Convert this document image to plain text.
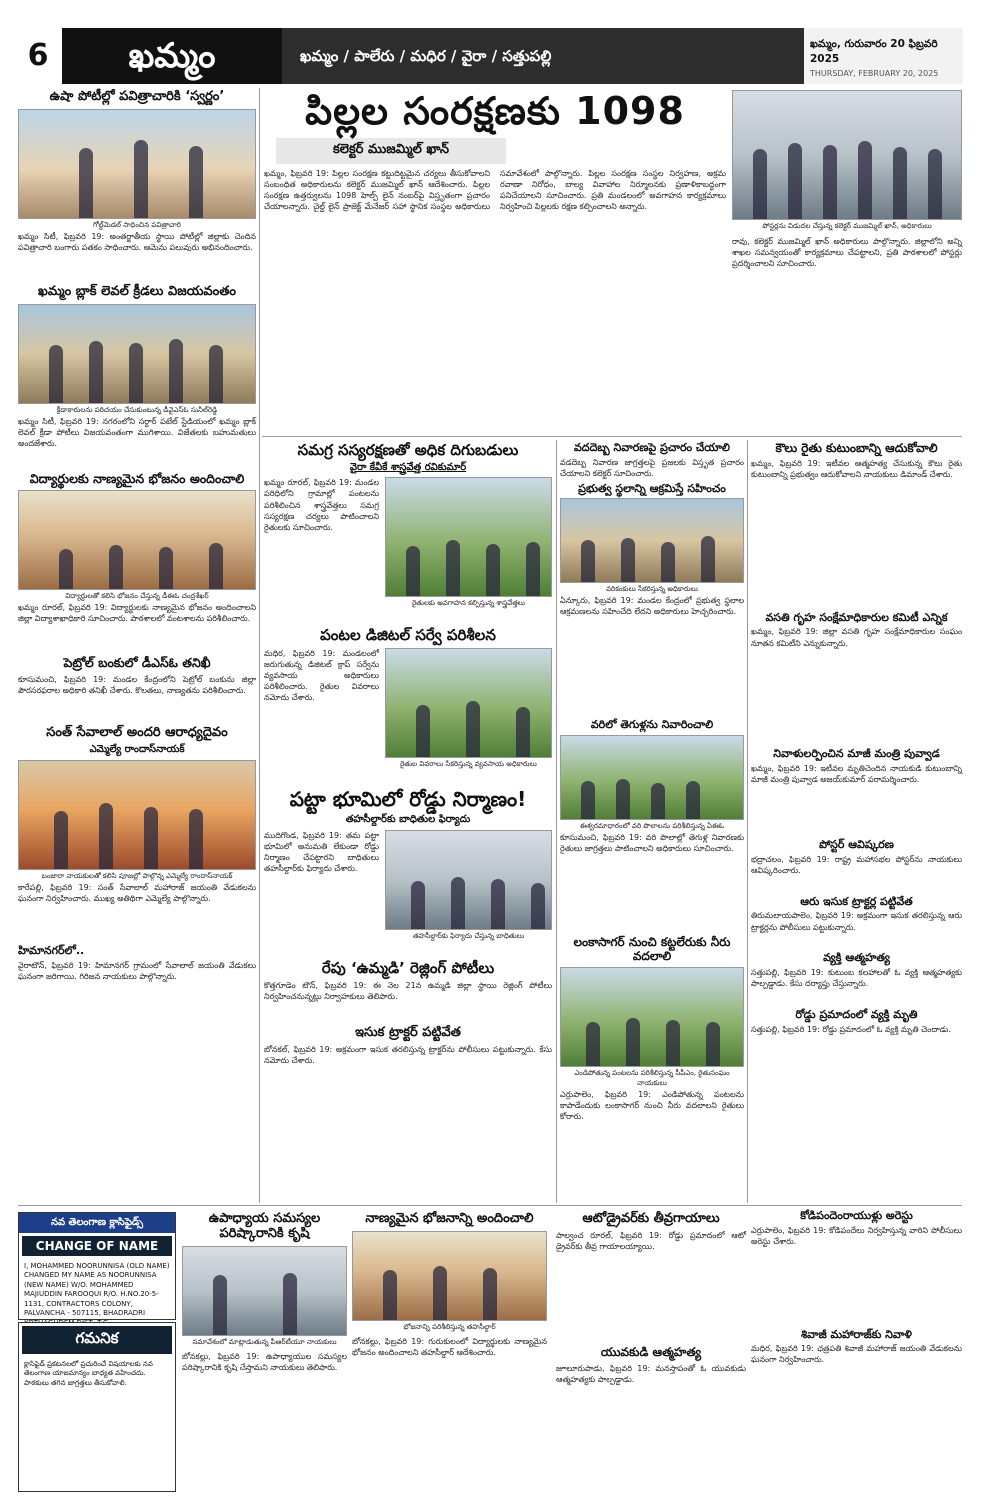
6	ఖమ్మం	ఖమ్మం / పాలేరు / మధిర / వైరా / సత్తుపల్లి
ఖమ్మం, గురువారం 20 ఫిబ్రవరి 2025
THURSDAY, FEBRUARY 20, 2025
ఉషా పోటీల్లో పవిత్రాచారికి ‘స్వర్ణం’
గోల్డ్‌మెడల్‌ సాధించిన పవిత్రాచారి
ఖమ్మం సిటీ, ఫిబ్రవరి 19: అంతర్జాతీయ స్థాయి పోటీల్లో జిల్లాకు చెందిన పవిత్రాచారి బంగారు పతకం సాధించారు. ఆమెను పలువురు అభినందించారు.
ఖమ్మం బ్లాక్‌ లెవల్‌ క్రీడలు విజయవంతం
క్రీడాకారులను పరిచయం చేసుకుంటున్న డీవైఎస్‌ఓ సునీల్‌రెడ్డి
ఖమ్మం సిటీ, ఫిబ్రవరి 19: నగరంలోని సర్దార్‌ పటేల్‌ స్టేడియంలో ఖమ్మం బ్లాక్‌ లెవల్‌ క్రీడా పోటీలు విజయవంతంగా ముగిశాయి. విజేతలకు బహుమతులు అందజేశారు.
విద్యార్థులకు నాణ్యమైన భోజనం అందించాలి
విద్యార్థులతో కలిసి భోజనం చేస్తున్న డీఈఓ చంద్రశేఖర్‌
ఖమ్మం రూరల్‌, ఫిబ్రవరి 19: విద్యార్థులకు నాణ్యమైన భోజనం అందించాలని జిల్లా విద్యాశాఖాధికారి సూచించారు. పాఠశాలలో వంటశాలను పరిశీలించారు.
పెట్రోల్‌ బంకులో డీఎస్‌ఓ తనిఖీ
కూసుమంచి, ఫిబ్రవరి 19: మండల కేంద్రంలోని పెట్రోల్‌ బంకును జిల్లా పౌరసరఫరాల అధికారి తనిఖీ చేశారు. కొలతలు, నాణ్యతను పరిశీలించారు.
సంత్‌ సేవాలాల్‌ అందరి ఆరాధ్యదైవం
ఎమ్మెల్యే రాందాస్‌నాయక్‌
బంజారా నాయకులతో కలిసి పూజల్లో పాల్గొన్న ఎమ్మెల్యే రాందాస్‌నాయక్‌
కారేపల్లి, ఫిబ్రవరి 19: సంత్‌ సేవాలాల్‌ మహారాజ్‌ జయంతి వేడుకలను ఘనంగా నిర్వహించారు. ముఖ్య అతిథిగా ఎమ్మెల్యే పాల్గొన్నారు.
హిమానగర్‌లో..
వైరాటౌన్‌, ఫిబ్రవరి 19: హిమానగర్‌ గ్రామంలో సేవాలాల్‌ జయంతి వేడుకలు ఘనంగా జరిగాయి. గిరిజన నాయకులు పాల్గొన్నారు.
పిల్లల సంరక్షణకు 1098
కలెక్టర్‌ ముజమ్మిల్‌ ఖాన్‌
ఖమ్మం, ఫిబ్రవరి 19: పిల్లల సంరక్షణ కట్టుదిట్టమైన చర్యలు తీసుకోవాలని సంబంధిత అధికారులను కలెక్టర్‌ ముజమ్మిల్‌ ఖాన్‌ ఆదేశించారు. పిల్లల సంరక్షణ ఉత్తర్వులను 1098 హెల్ప్‌ లైన్‌ నంబర్‌పై విస్తృతంగా ప్రచారం చేయాలన్నారు. చైల్డ్‌ లైన్‌ ప్రాజెక్ట్‌ మేనేజర్‌ సహా స్థానిక సంస్థల అధికారులు సమావేశంలో పాల్గొన్నారు. పిల్లల సంరక్షణ సంస్థల నిర్వహణ, అక్రమ రవాణా నిరోధం, బాల్య వివాహాల నిర్మూలనకు ప్రణాళికాబద్ధంగా పనిచేయాలని సూచించారు. ప్రతి మండలంలో అవగాహన కార్యక్రమాలు నిర్వహించి పిల్లలకు రక్షణ కల్పించాలని అన్నారు.
పోస్టర్లను విడుదల చేస్తున్న కలెక్టర్‌ ముజమ్మిల్‌ ఖాన్‌, అధికారులు
రావు, కలెక్టర్‌ ముజమ్మిల్‌ ఖాన్‌ అధికారులు పాల్గొన్నారు. జిల్లాలోని అన్ని శాఖల సమన్వయంతో కార్యక్రమాలు చేపట్టాలని, ప్రతి పాఠశాలలో పోస్టర్లు ప్రదర్శించాలని సూచించారు.
సమగ్ర సస్యరక్షణతో అధిక దిగుబడులు
వైరా కేవీకే శాస్త్రవేత్త రవికుమార్‌
ఖమ్మం రూరల్‌, ఫిబ్రవరి 19: మండల పరిధిలోని గ్రామాల్లో పంటలను పరిశీలించిన శాస్త్రవేత్తలు సమగ్ర సస్యరక్షణ చర్యలు పాటించాలని రైతులకు సూచించారు.
రైతులకు అవగాహన కల్పిస్తున్న శాస్త్రవేత్తలు
పంటల డిజిటల్‌ సర్వే పరిశీలన
మధిర, ఫిబ్రవరి 19: మండలంలో జరుగుతున్న డిజిటల్‌ క్రాప్‌ సర్వేను వ్యవసాయ అధికారులు పరిశీలించారు. రైతుల వివరాలు నమోదు చేశారు.
రైతుల వివరాలు సేకరిస్తున్న వ్యవసాయ అధికారులు
పట్టా భూమిలో రోడ్డు నిర్మాణం!
తహసీల్దార్‌కు బాధితుల ఫిర్యాదు
ముదిగొండ, ఫిబ్రవరి 19: తమ పట్టా భూమిలో అనుమతి లేకుండా రోడ్డు నిర్మాణం చేపట్టారని బాధితులు తహసీల్దార్‌కు ఫిర్యాదు చేశారు.
తహసీల్దార్‌కు ఫిర్యాదు చేస్తున్న బాధితులు
రేపు ‘ఉమ్మడి’ రెజ్లింగ్‌ పోటీలు
కొత్తగూడెం టౌన్‌, ఫిబ్రవరి 19: ఈ నెల 21న ఉమ్మడి జిల్లా స్థాయి రెజ్లింగ్‌ పోటీలు నిర్వహించనున్నట్లు నిర్వాహకులు తెలిపారు.
ఇసుక ట్రాక్టర్‌ పట్టివేత
బోనకల్‌, ఫిబ్రవరి 19: అక్రమంగా ఇసుక తరలిస్తున్న ట్రాక్టర్‌ను పోలీసులు పట్టుకున్నారు. కేసు నమోదు చేశారు.
వదదెబ్బ నివారణపై ప్రచారం చేయాలి
వడదెబ్బ నివారణ జాగ్రత్తలపై ప్రజలకు విస్తృత ప్రచారం చేయాలని కలెక్టర్‌ సూచించారు.
ప్రభుత్వ స్థలాన్ని ఆక్రమిస్తే సహించం
వరికంకులు సేకరిస్తున్న అధికారులు
ఏన్కూరు, ఫిబ్రవరి 19: మండల కేంద్రంలో ప్రభుత్వ స్థలాల ఆక్రమణలను సహించేది లేదని అధికారులు హెచ్చరించారు.
వరిలో తెగుళ్లను నివారించాలి
ఈశ్వరమాధారంలో వరి పొలాలను పరిశీలిస్తున్న ఏఈఓ
కూసుమంచి, ఫిబ్రవరి 19: వరి పొలాల్లో తెగుళ్ల నివారణకు రైతులు జాగ్రత్తలు పాటించాలని అధికారులు సూచించారు.
లంకాసాగర్‌ నుంచి కట్టలేరుకు నీరు వదలాలి
ఎండిపోతున్న పంటలను పరిశీలిస్తున్న సీపీఎం, రైతుసంఘం నాయకులు
ఎర్రుపాలెం, ఫిబ్రవరి 19: ఎండిపోతున్న పంటలను కాపాడేందుకు లంకాసాగర్‌ నుంచి నీరు వదలాలని రైతులు కోరారు.
కౌలు రైతు కుటుంబాన్ని ఆదుకోవాలి
ఖమ్మం, ఫిబ్రవరి 19: ఇటీవల ఆత్మహత్య చేసుకున్న కౌలు రైతు కుటుంబాన్ని ప్రభుత్వం ఆదుకోవాలని నాయకులు డిమాండ్‌ చేశారు.
వసతి గృహ సంక్షేమాధికారుల కమిటీ ఎన్నిక
ఖమ్మం, ఫిబ్రవరి 19: జిల్లా వసతి గృహ సంక్షేమాధికారుల సంఘం నూతన కమిటీని ఎన్నుకున్నారు.
నివాళులర్పించిన మాజీ మంత్రి పువ్వాడ
ఖమ్మం, ఫిబ్రవరి 19: ఇటీవల మృతిచెందిన నాయకుడి కుటుంబాన్ని మాజీ మంత్రి పువ్వాడ అజయ్‌కుమార్‌ పరామర్శించారు.
పోస్టర్‌ ఆవిష్కరణ
భద్రాచలం, ఫిబ్రవరి 19: రాష్ట్ర మహాసభల పోస్టర్‌ను నాయకులు ఆవిష్కరించారు.
ఆరు ఇసుక ట్రాక్టర్ల పట్టివేత
తిరుమలాయపాలెం, ఫిబ్రవరి 19: అక్రమంగా ఇసుక తరలిస్తున్న ఆరు ట్రాక్టర్లను పోలీసులు పట్టుకున్నారు.
వ్యక్తి ఆత్మహత్య
సత్తుపల్లి, ఫిబ్రవరి 19: కుటుంబ కలహాలతో ఓ వ్యక్తి ఆత్మహత్యకు పాల్పడ్డాడు. కేసు దర్యాప్తు చేస్తున్నారు.
రోడ్డు ప్రమాదంలో వ్యక్తి మృతి
సత్తుపల్లి, ఫిబ్రవరి 19: రోడ్డు ప్రమాదంలో ఓ వ్యక్తి మృతి చెందాడు.
కోడిపందెంరాయుళ్లు అరెస్టు
ఎర్రుపాలెం, ఫిబ్రవరి 19: కోడిపందేలు నిర్వహిస్తున్న వారిని పోలీసులు అరెస్టు చేశారు.
శివాజీ మహారాజ్‌కు నివాళి
మధిర, ఫిబ్రవరి 19: ఛత్రపతి శివాజీ మహారాజ్‌ జయంతి వేడుకలను ఘనంగా నిర్వహించారు.
నవ తెలంగాణ క్లాసిఫైడ్స్‌
CHANGE OF NAME
I, MOHAMMED NOORUNNISA (OLD NAME) CHANGED MY NAME AS NOORUNNISA (NEW NAME) W/O. MOHAMMED MAJIUDDIN FAROOQUI R/O. H.NO.20-5-1131, CONTRACTORS COLONY, PALVANCHA - 507115, BHADRADRI
గమనిక
క్లాసిఫైడ్‌ ప్రకటనలలో ప్రచురించే విషయాలకు నవ తెలంగాణ యాజమాన్యం బాధ్యత వహించదు. పాఠకులు తగిన జాగ్రత్తలు తీసుకోవాలి.
ఉపాధ్యాయ సమస్యల పరిష్కారానికి కృషి
సమావేశంలో మాట్లాడుతున్న పీఆర్‌టీయూ నాయకులు
బోనకల్లు, ఫిబ్రవరి 19: ఉపాధ్యాయుల సమస్యల పరిష్కారానికి కృషి చేస్తామని నాయకులు తెలిపారు.
నాణ్యమైన భోజనాన్ని అందించాలి
భోజనాన్ని పరిశీలిస్తున్న తహసీల్దార్‌
బోనకల్లు, ఫిబ్రవరి 19: గురుకులంలో విద్యార్థులకు నాణ్యమైన భోజనం అందించాలని తహసీల్దార్‌ ఆదేశించారు.
ఆటోడ్రైవర్‌కు తీవ్రగాయాలు
పాల్వంచ రూరల్‌, ఫిబ్రవరి 19: రోడ్డు ప్రమాదంలో ఆటో డ్రైవర్‌కు తీవ్ర గాయాలయ్యాయి.
యువకుడి ఆత్మహత్య
జూలూరుపాడు, ఫిబ్రవరి 19: మనస్తాపంతో ఓ యువకుడు ఆత్మహత్యకు పాల్పడ్డాడు.
